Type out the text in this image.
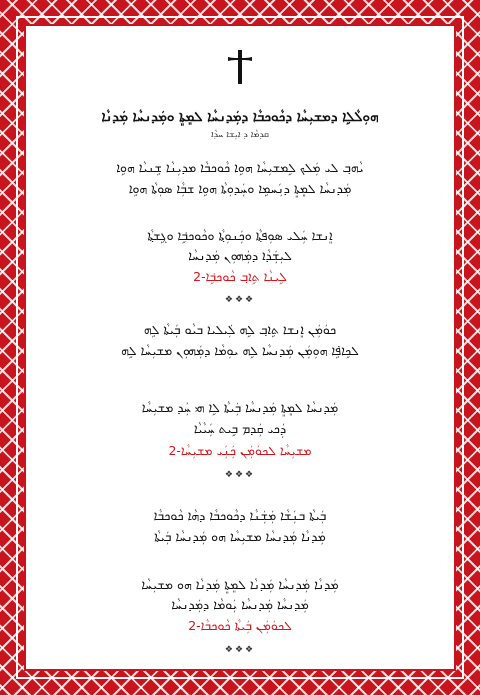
ܗܘܼܠܵܠܹܐ ܕܡܫܝܼܚܵܐ ܕܟܵܘܟܒܵܐ ܕܡܲܕܢܚܵܐ ܠܡܸܬܸܐ ܘܡܲܕܢܚܵܐ ܡܲܕܢܵܐ
ܩܕܡܵܐ ܕ ܐܝܼܫܐ ܚܕܵܐ
ܝܵܗܒ݂ ܠܝ ܡܲܠܟ ܠܹܡܫܝܼܚܵܐ ܗܘܹܐ ܟܵܘܟܒܵܐ ܡܕܝܼܢܵܐ ܫܹܢܝܵܐ ܗܘܹܐ
ܡܲܕܢܚܵܐ ܠܡܸܬܸܐ ܕܢܲܚܡܹܐ ܘܚܲܕܘܼܬܵܐ ܗܘܹܐ ܫܒܼܵܐ ܣܘܼܬܵܐ ܗܘܹܐ
ܐܸܢܫܐ ܚܲܠܝ ܣܘܼܦܬ݂ܵܐ ܘܟܲܢܘܼܬ݂ܵܐ ܘܟܵܘܟܒܹ݁ܐ ܘܓܹܫܬ݂ܵܐ
ܠܝܼܫܲܕܵܐ ܕܡܲܗܘܼܢ ܡܲܕܢܚܵܐ
ܠܹܝܢܵܐ ܬܹܐܒ݂ ܟܵܘܟܒܹ݁ܐ-2
❖❖❖
ܟܘܿܡܲܢ ܐܸܢܫܐ ܬܹܐܒ݂ ܠܹܗ ܠܲܝܠܝܐ ܒܝܵܘ ܒܲܝܬܵܐ ܠܹܗ
ܠܟܹܐܦܹ݁ܐ ܗܘܼܡܲܢ ܡܲܕܢܚܵܐ ܠܹܗ ܝܘܼܡܵܐ ܕܡܲܗܘܼܢ ܡܫܝܼܚܵܐ ܠܹܗ
ܡܲܕܢܚܵܐ ܠܡܸܬܸܐ ܡܲܕܢܚܵܐ ܒܲܝܬܵܐ ܠܹܐ ܗܝ ܚܲܕ ܡܫܝܼܚܵܐ
ܕܲܟܝ ܩܲܕܡ ܒܹܝܬ ܚܲܝܵܝܵܐ
ܡܫܝܼܚܵܐ ܠܟܘܿܡܲܢ ܟܲܢܲܝ ܡܫܝܼܚܵܐ-2
❖❖❖
ܒܲܝܬܵܐ ܒܢܲܫܵܐ ܡܲܫܲܢܵܐ ܕܟܵܘܟܒܵܐ ܕܗܵܐ ܟܵܘܟܒܵܐ
ܡܲܕܢܵܐ ܡܲܕܢܚܵܐ ܡܫܝܼܚܵܐ ܗܘ ܡܲܕܢܚܵܐ ܒܲܝܬܵܐ
ܡܲܕܢܵܐ ܡܲܕܢܚܵܐ ܡܲܕܢܵܐ ܠܡܸܬܸܐ ܡܲܕܢܵܐ ܗܘ ܡܫܝܼܚܵܐ
ܡܲܕܢܚܵܐ ܡܲܕܢܚܵܐ ܝܲܘܡܵܐ ܕܡܲܕܢܚܵܐ
ܠܟܘܿܡܲܢ ܒܲܝܬܵܐ ܟܵܘܟܒܵܐ-2
❖❖❖
